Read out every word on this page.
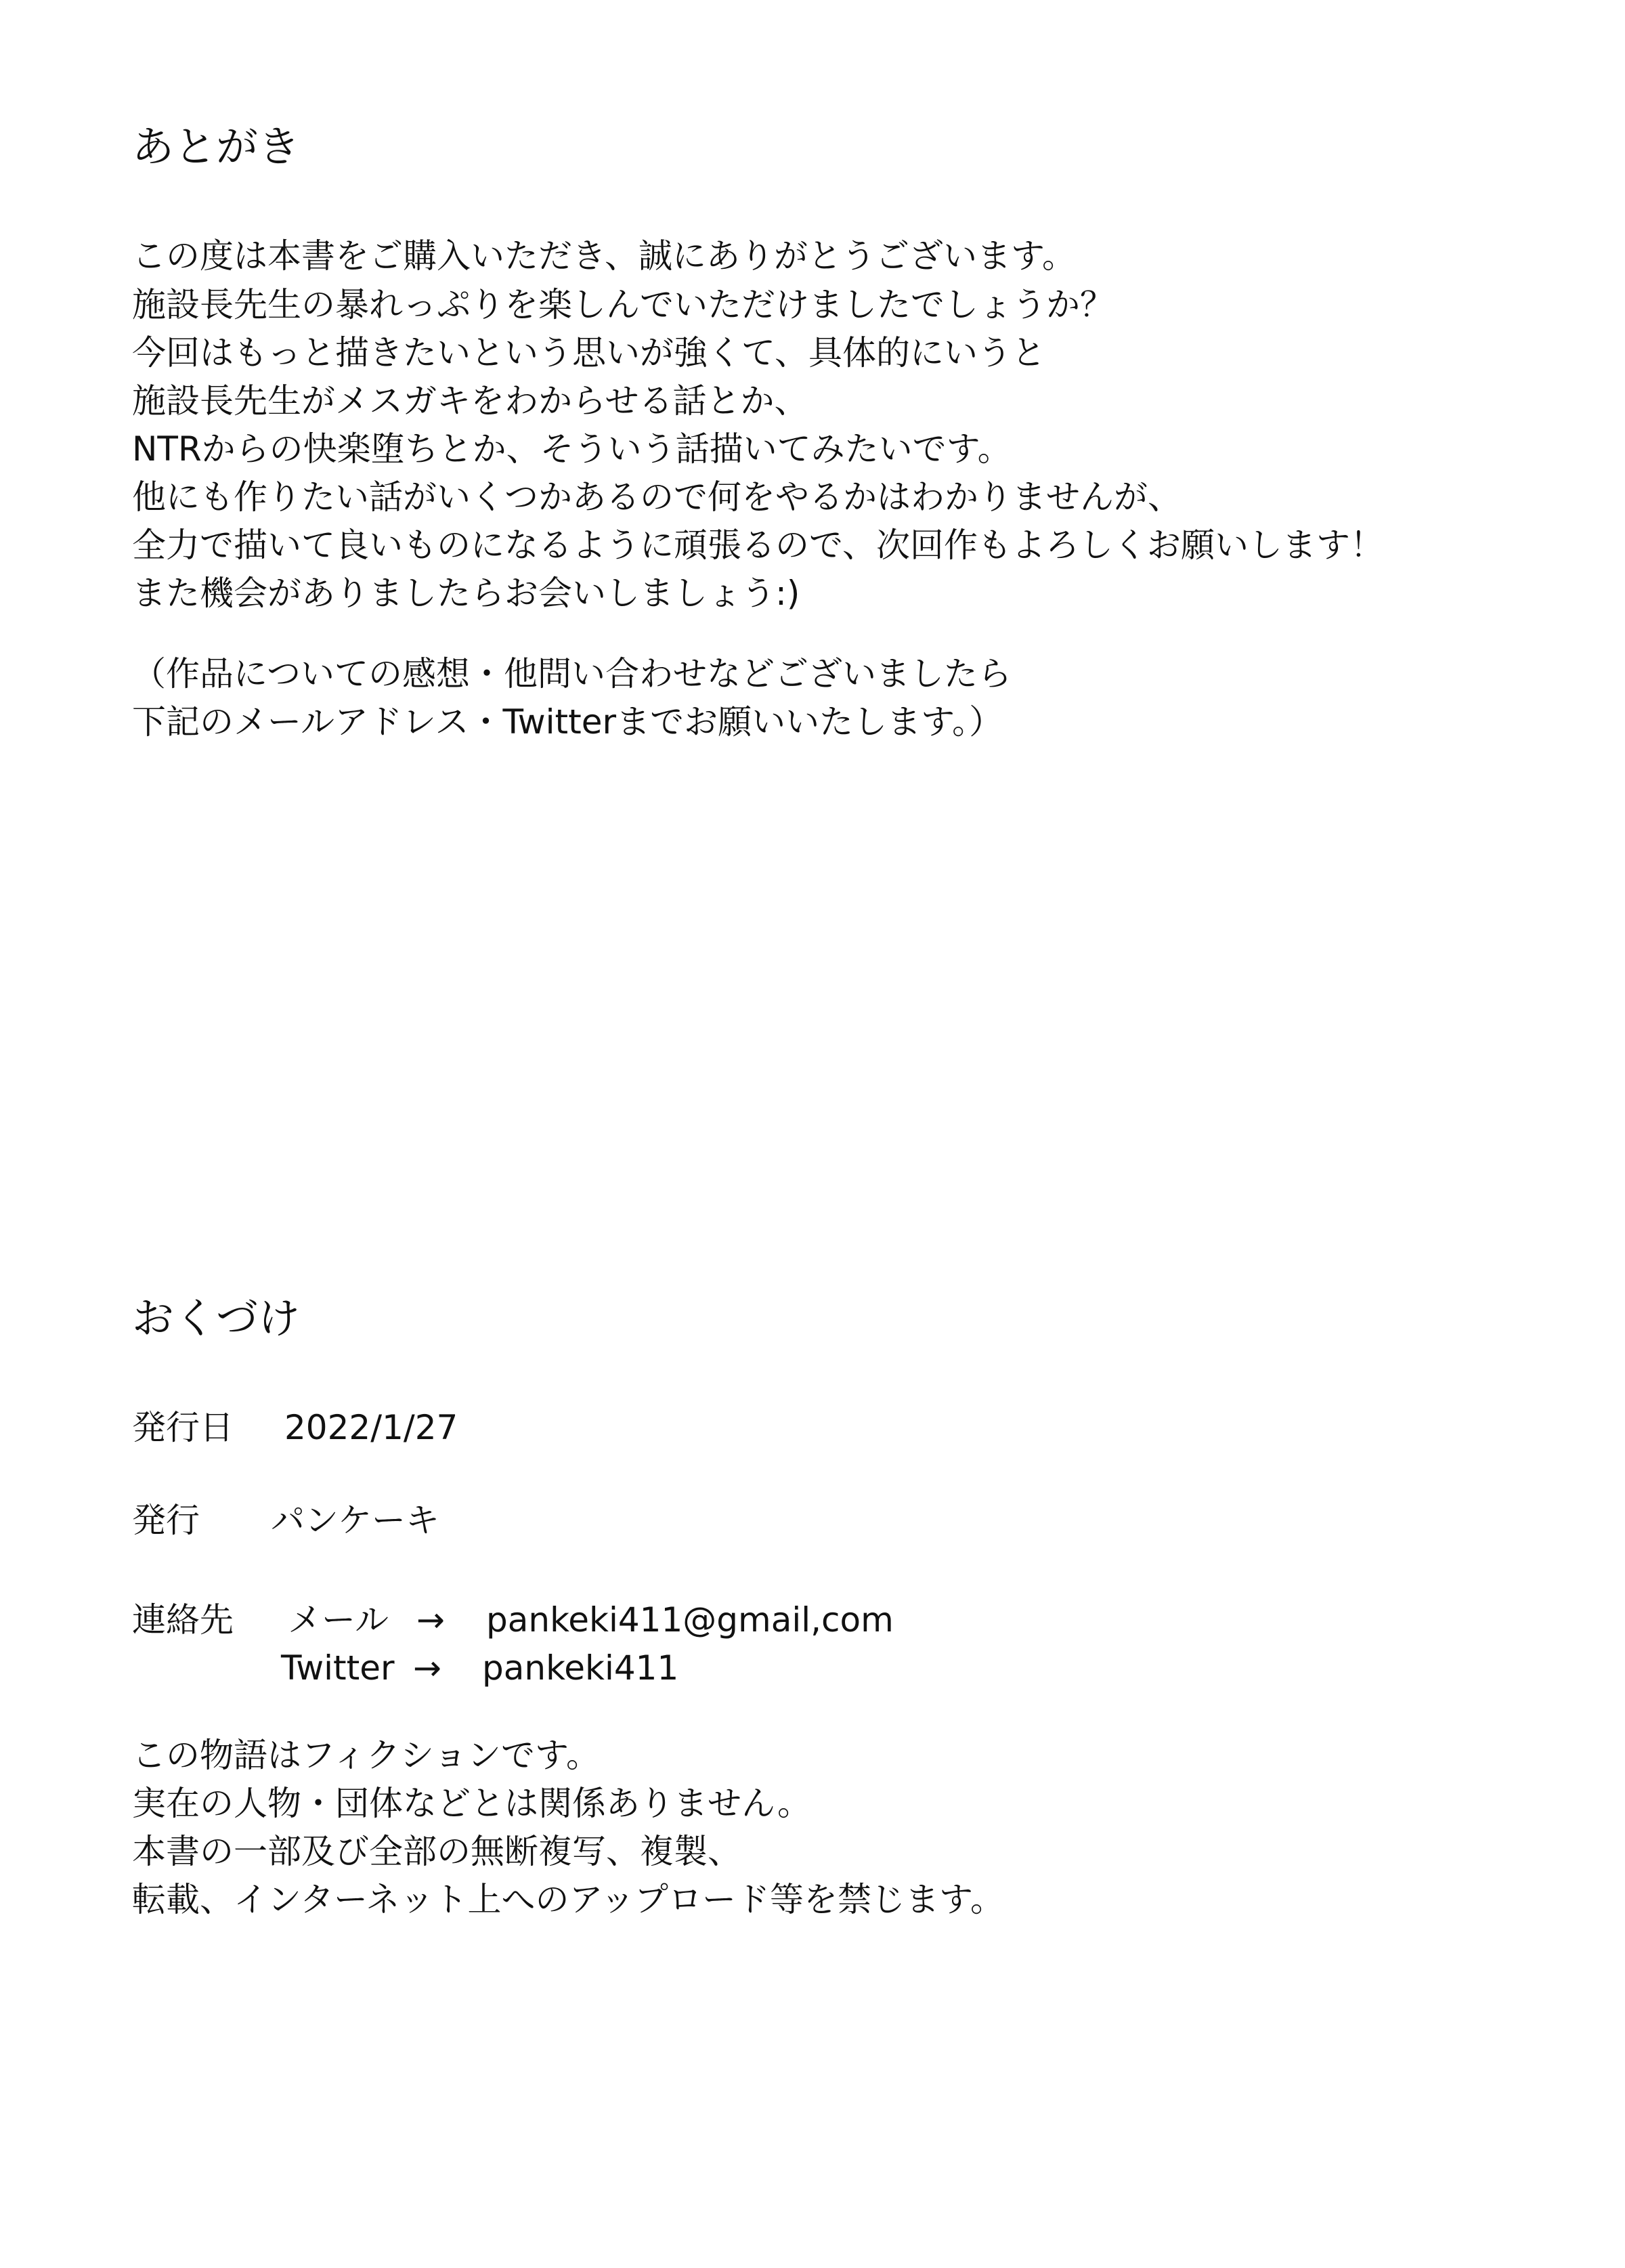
あとがき
この度は本書をご購入いただき、誠にありがとうございます。
施設長先生の暴れっぷりを楽しんでいただけましたでしょうか？
今回はもっと描きたいという思いが強くて、具体的にいうと
施設長先生がメスガキをわからせる話とか、
NTRからの快楽堕ちとか、そういう話描いてみたいです。
他にも作りたい話がいくつかあるので何をやるかはわかりませんが、
全力で描いて良いものになるように頑張るので、次回作もよろしくお願いします！
また機会がありましたらお会いしましょう:)
（作品についての感想・他問い合わせなどございましたら
下記のメールアドレス・Twitterまでお願いいたします。）
おくづけ
発行日 2022/1/27
発行 パンケーキ
連絡先 メール → pankeki411@gmail,com
Twitter → pankeki411
この物語はフィクションです。
実在の人物・団体などとは関係ありません。
本書の一部及び全部の無断複写、複製、
転載、インターネット上へのアップロード等を禁じます。
